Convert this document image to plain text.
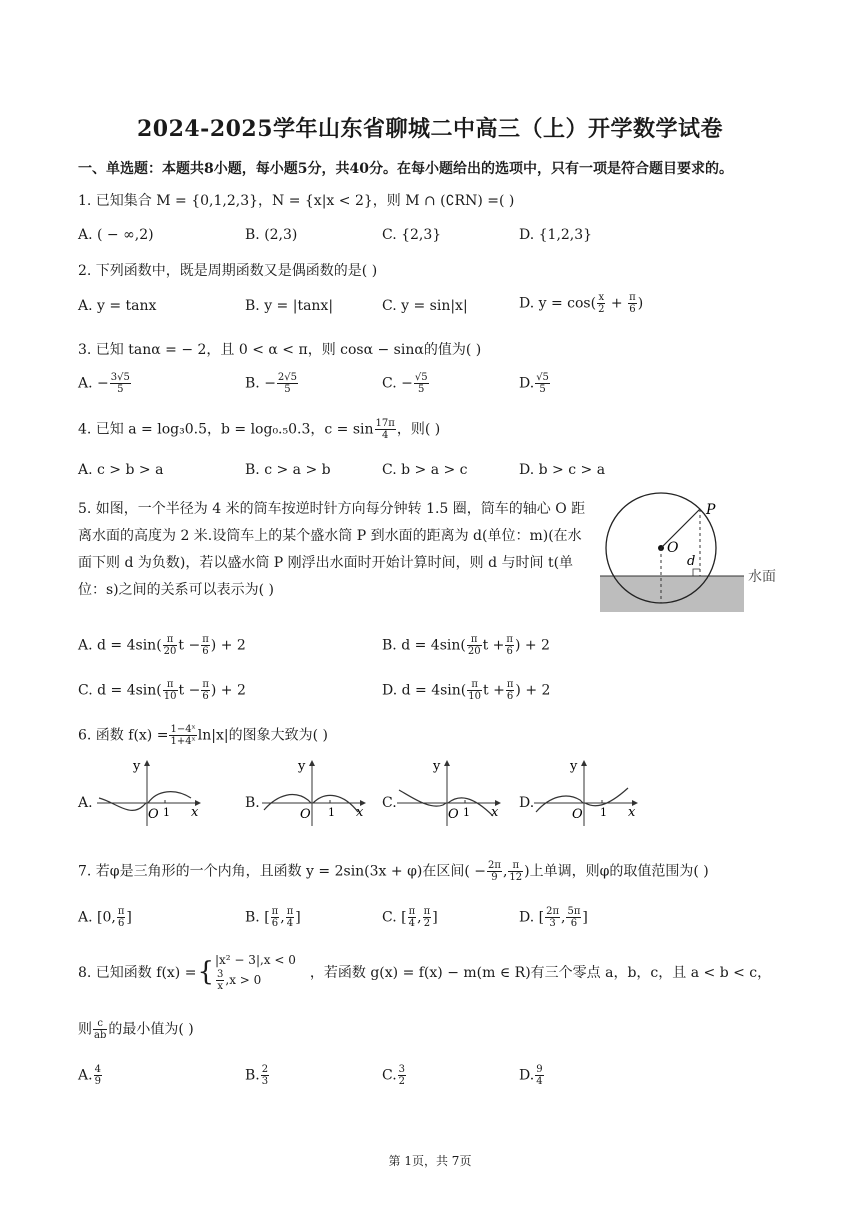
2024-2025学年山东省聊城二中高三（上）开学数学试卷
一、单选题：本题共8小题，每小题5分，共40分。在每小题给出的选项中，只有一项是符合题目要求的。
1. 已知集合 M = {0,1,2,3}，N = {x|x < 2}，则 M ∩ (∁RN) =( )
A. ( − ∞,2)	B. (2,3)	C. {2,3}	D. {1,2,3}
2. 下列函数中，既是周期函数又是偶函数的是( )
A. y = tanx	B. y = |tanx|	C. y = sin|x|	D. $y = \cos( \frac{x}{2} + \frac{\pi}{6}$ )
3. 已知 tanα = − 2，且 0 < α < π，则 cosα − sinα的值为( )
A. − $\frac{3√5}{5}$	B. − $\frac{2√5}{5}$	C. − $\frac{√5}{5}$	D. $\frac{√5}{5}$
4. 已知 a = log₃0.5，b = log₀.₅0.3，$c = \sin \frac{17\pi}{4}$ ，则( )
A. c > b > a	B. c > a > b	C. b > a > c	D. b > c > a
5. 如图，一个半径为 4 米的筒车按逆时针方向每分钟转 1.5 圈，筒车的轴心 O 距离水面的高度为 2 米.设筒车上的某个盛水筒 P 到水面的距离为 d(单位：m)(在水面下则 d 为负数)，若以盛水筒 P 刚浮出水面时开始计算时间，则 d 与时间 t(单位：s)之间的关系可以表示为( )
P
O
d
水面
A. $d = 4\sin( \frac{\pi}{20}$ $t - \frac{\pi}{6}$ ) + 2	B. $d = 4\sin( \frac{\pi}{20}$ $t + \frac{\pi}{6}$ ) + 2
C. $d = 4\sin( \frac{\pi}{10}$ $t - \frac{\pi}{6}$ ) + 2	D. $d = 4\sin( \frac{\pi}{10}$ $t + \frac{\pi}{6}$ ) + 2
6. 函数 $f(x) = \frac{\text{1−4ˣ}}{\text{1+4ˣ}} \ln|x|$的图象大致为( )
A.	B.	C.	D.
y
x
O 1
y
x
O 1
y
x
O 1
y
x
O 1
7. 若φ是三角形的一个内角，且函数 y = 2sin(3x + φ)在区间( − $\frac{2\pi}{9}$ , $\frac{\pi}{12}$ )上单调，则φ的取值范围为( )
A. [0, $\frac{\pi}{6}$ ]	B. [ $\frac{\pi}{6}$ , $\frac{\pi}{4}$ ]	C. [ $\frac{\pi}{4}$ , $\frac{\pi}{2}$ ]	D. [ $\frac{2\pi}{3}$ , $\frac{5\pi}{6}$ ]
8. 已知函数 f(x) ={ |x² − 3|,x < 0
$\frac{3}{x} ,x > 0$	，若函数 g(x) = f(x) − m(m ∈ R)有三个零点 a，b，c，且 a < b < c，
则 $\frac{c}{ab}$ 的最小值为( )
A. $\frac{4}{9}$	B. $\frac{2}{3}$	C. $\frac{3}{2}$	D. $\frac{9}{4}$
第 1页，共 7页
